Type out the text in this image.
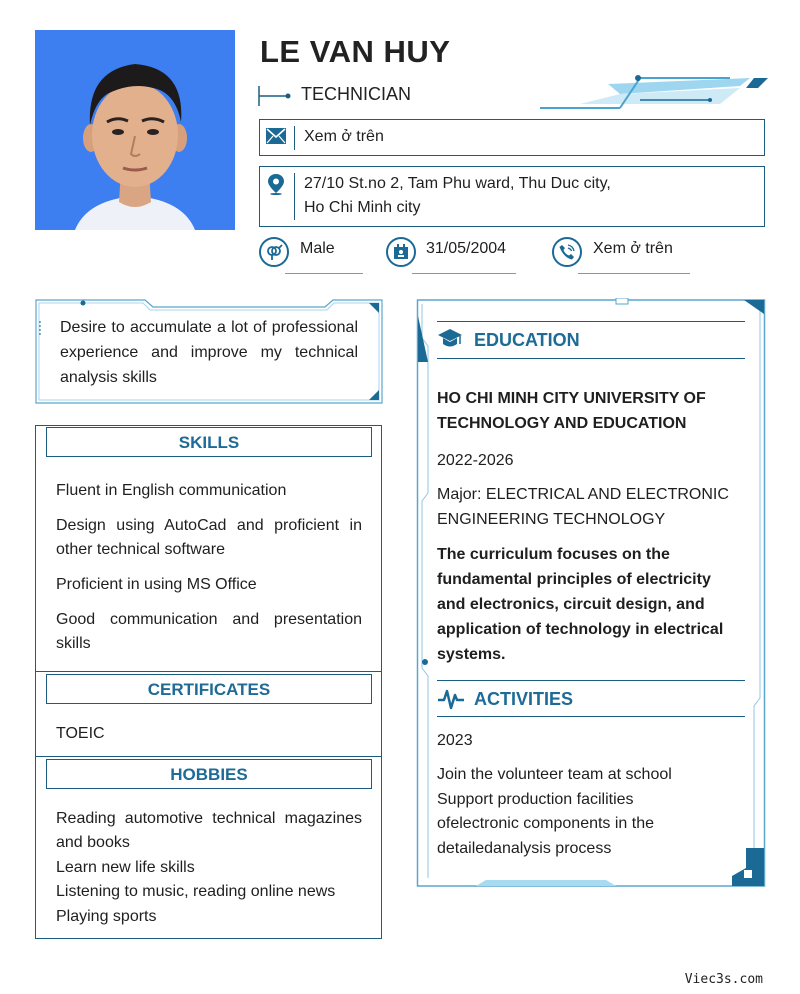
LE VAN HUY
TECHNICIAN
Xem ở trên
27/10 St.no 2, Tam Phu ward, Thu Duc city,
Ho Chi Minh city
Male	31/05/2004	Xem ở trên
Desire to accumulate a lot of professional experience and improve my technical analysis skills
SKILLS
Fluent in English communication
Design using AutoCad and proficient in other technical software
Proficient in using MS Office
Good communication and presentation skills
CERTIFICATES
TOEIC
HOBBIES
Reading automotive technical magazines and books
Learn new life skills
Listening to music, reading online news
Playing sports
EDUCATION
HO CHI MINH CITY UNIVERSITY OF TECHNOLOGY AND EDUCATION
2022-2026
Major: ELECTRICAL AND ELECTRONIC ENGINEERING TECHNOLOGY
The curriculum focuses on the fundamental principles of electricity and electronics, circuit design, and application of technology in electrical systems.
ACTIVITIES
2023
Join the volunteer team at school
Support production facilities
ofelectronic components in the
detailedanalysis process
Viec3s.com
